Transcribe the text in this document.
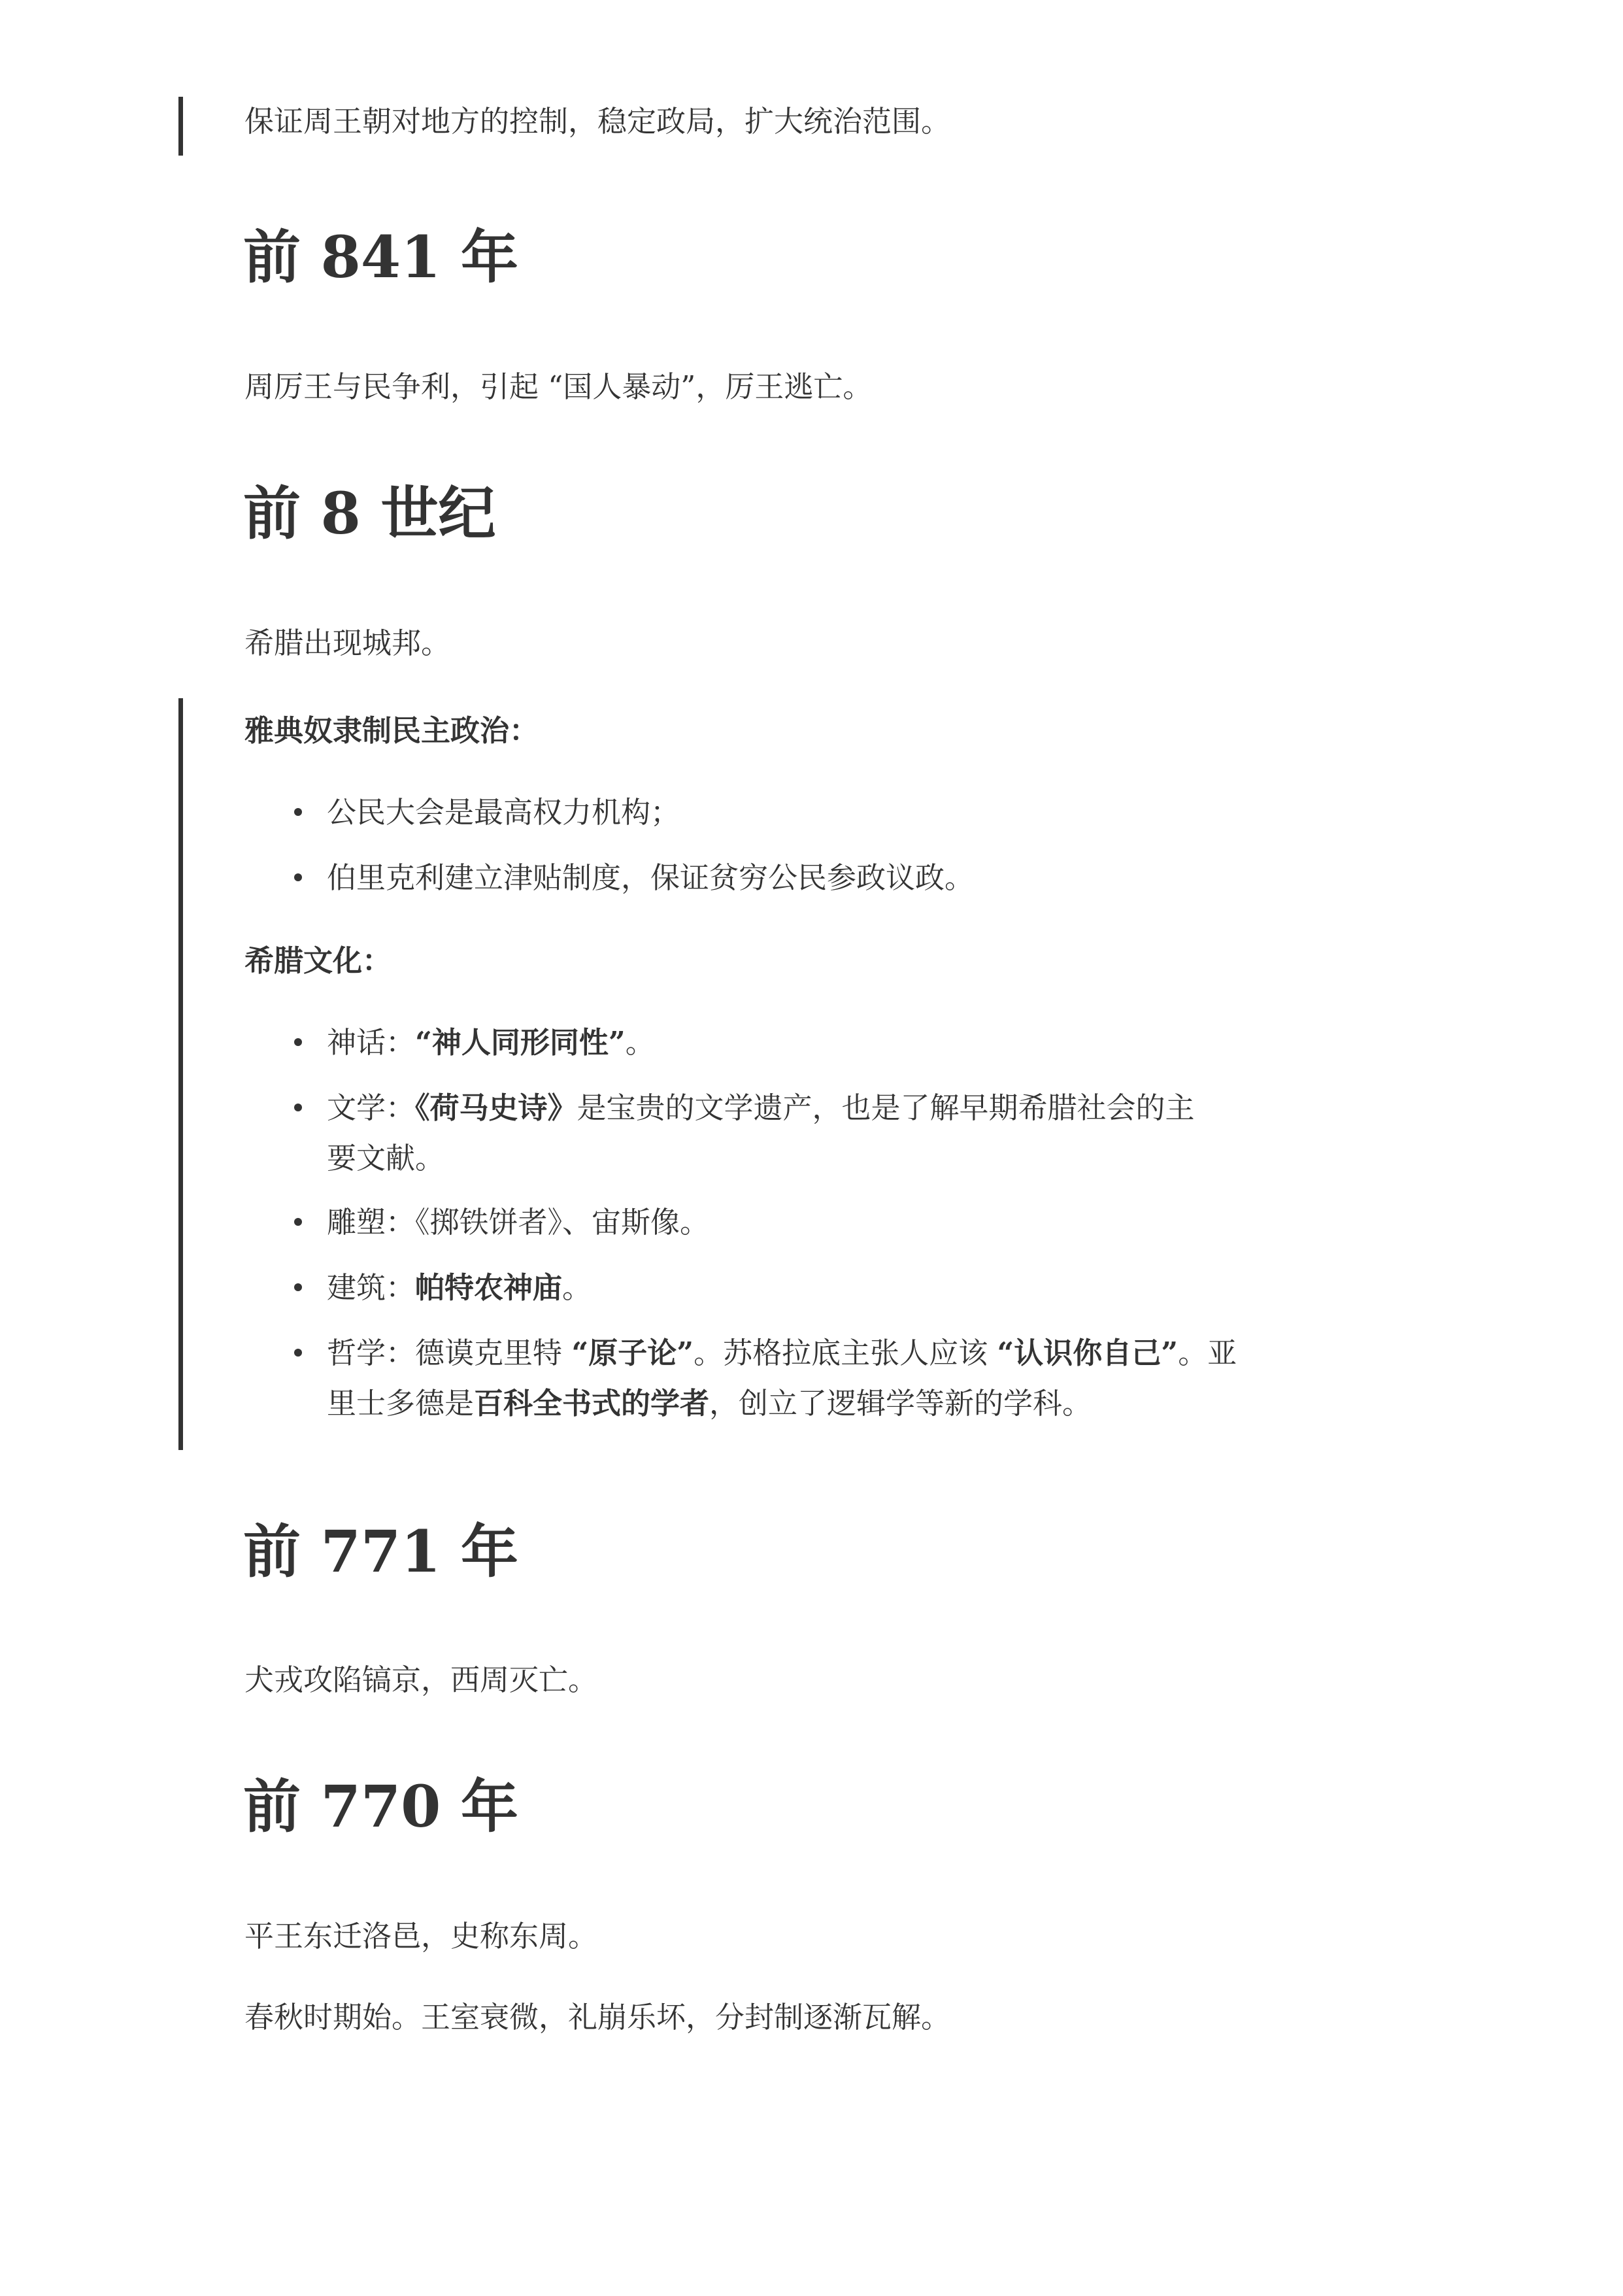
保证周王朝对地方的控制，稳定政局，扩大统治范围。

前 841 年

周厉王与民争利，引起 “国人暴动”，厉王逃亡。

前 8 世纪

希腊出现城邦。

雅典奴隶制民主政治：

公民大会是最高权力机构；

伯里克利建立津贴制度，保证贫穷公民参政议政。

希腊文化：

神话：“神人同形同性”。

文学：《荷马史诗》是宝贵的文学遗产，也是了解早期希腊社会的主
要文献。

雕塑：《掷铁饼者》、宙斯像。

建筑：帕特农神庙。

哲学：德谟克里特 “原子论”。苏格拉底主张人应该 “认识你自己”。亚
里士多德是百科全书式的学者，创立了逻辑学等新的学科。

前 771 年

犬戎攻陷镐京，西周灭亡。

前 770 年

平王东迁洛邑，史称东周。

春秋时期始。王室衰微，礼崩乐坏，分封制逐渐瓦解。
